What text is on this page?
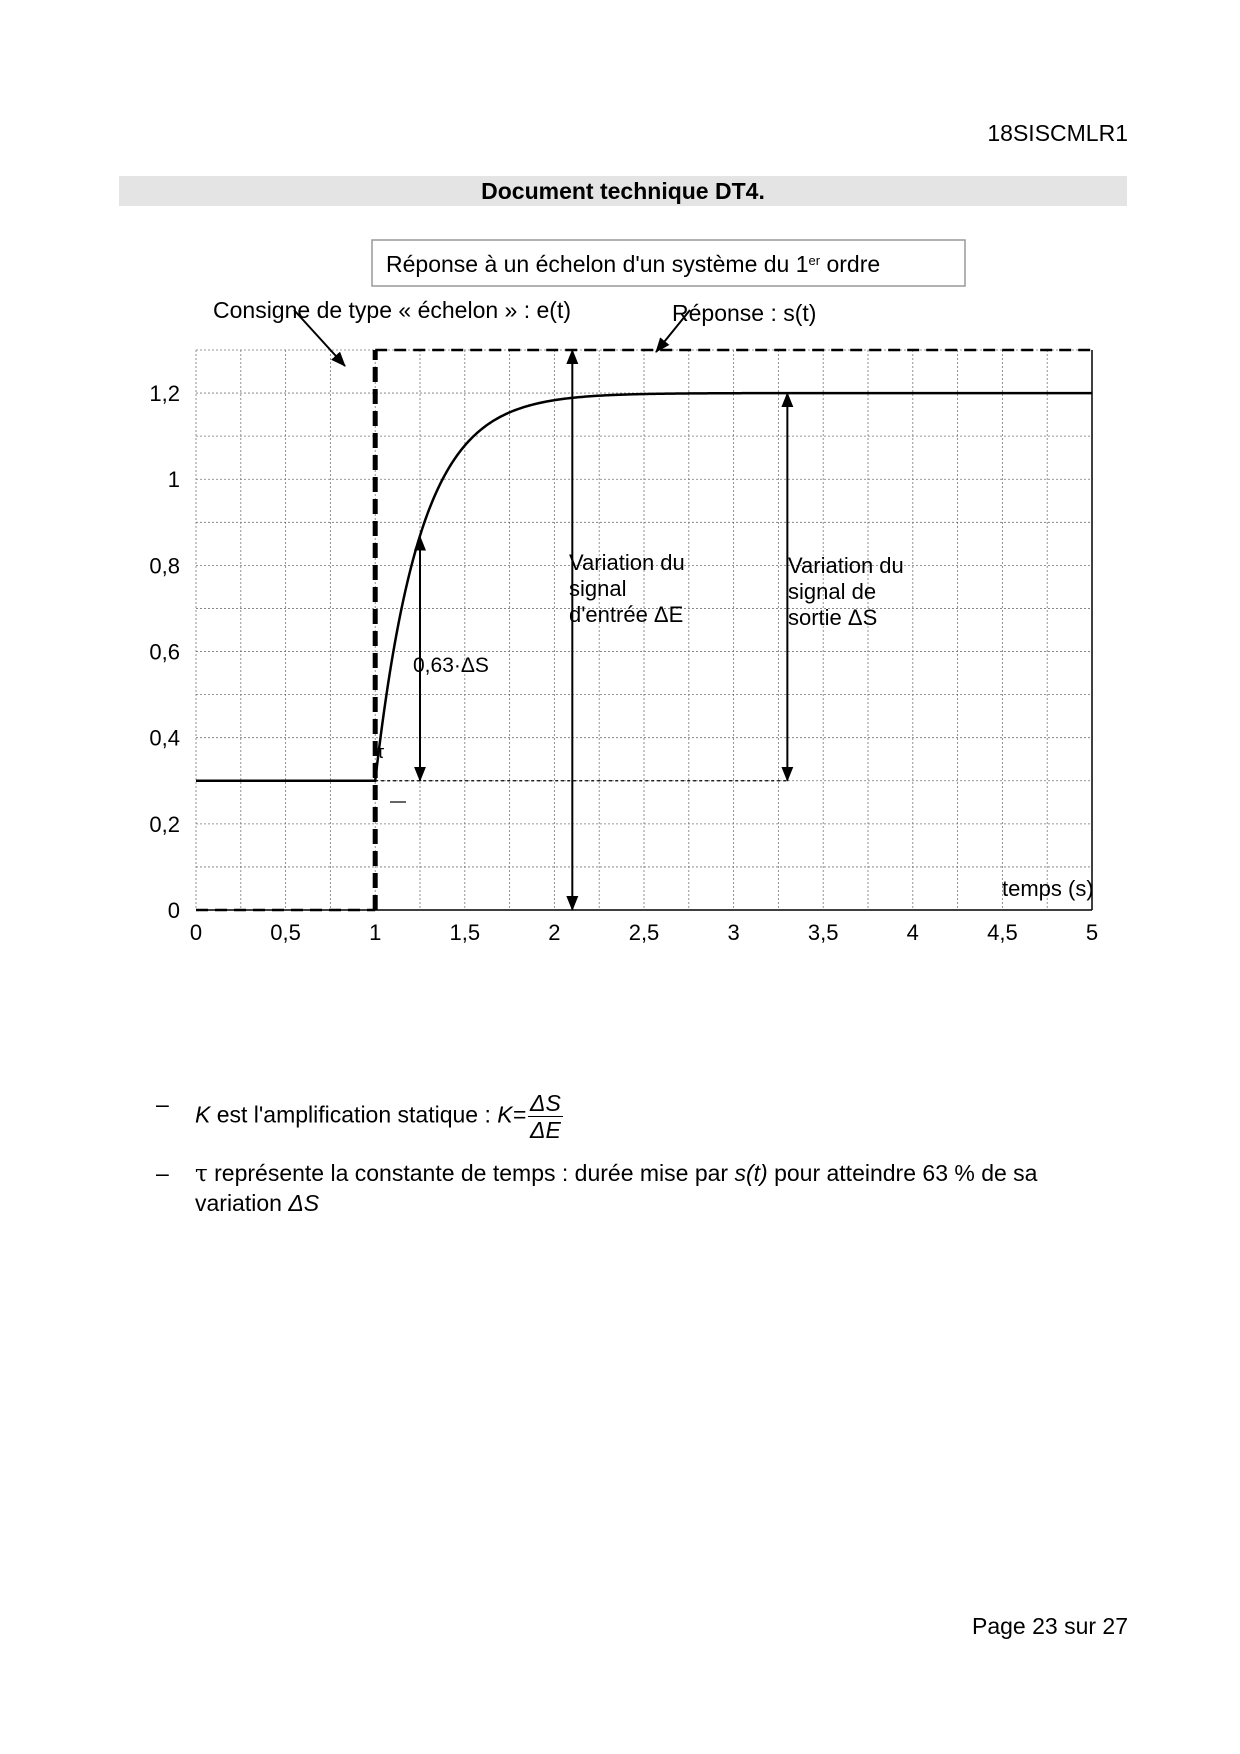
18SISCMLR1
Document technique DT4.
Réponse à un échelon d'un système du 1er ordre
0
0,2
0,4
0,6
0,8
1
1,2
0	0,5	1	1,5	2	2,5	3	3,5	4	4,5	5
Consigne de type « échelon » : e(t)	Réponse : s(t)
Variation du signal d'entrée ΔE
Variation du signal de sortie ΔS
0,63·ΔS
τ
temps (s)
– K est l'amplification statique : $K= \frac{\Delta S}{\Delta E}$
– τ représente la constante de temps : durée mise par s(t) pour atteindre 63 % de sa variation ΔS
Page 23 sur 27
